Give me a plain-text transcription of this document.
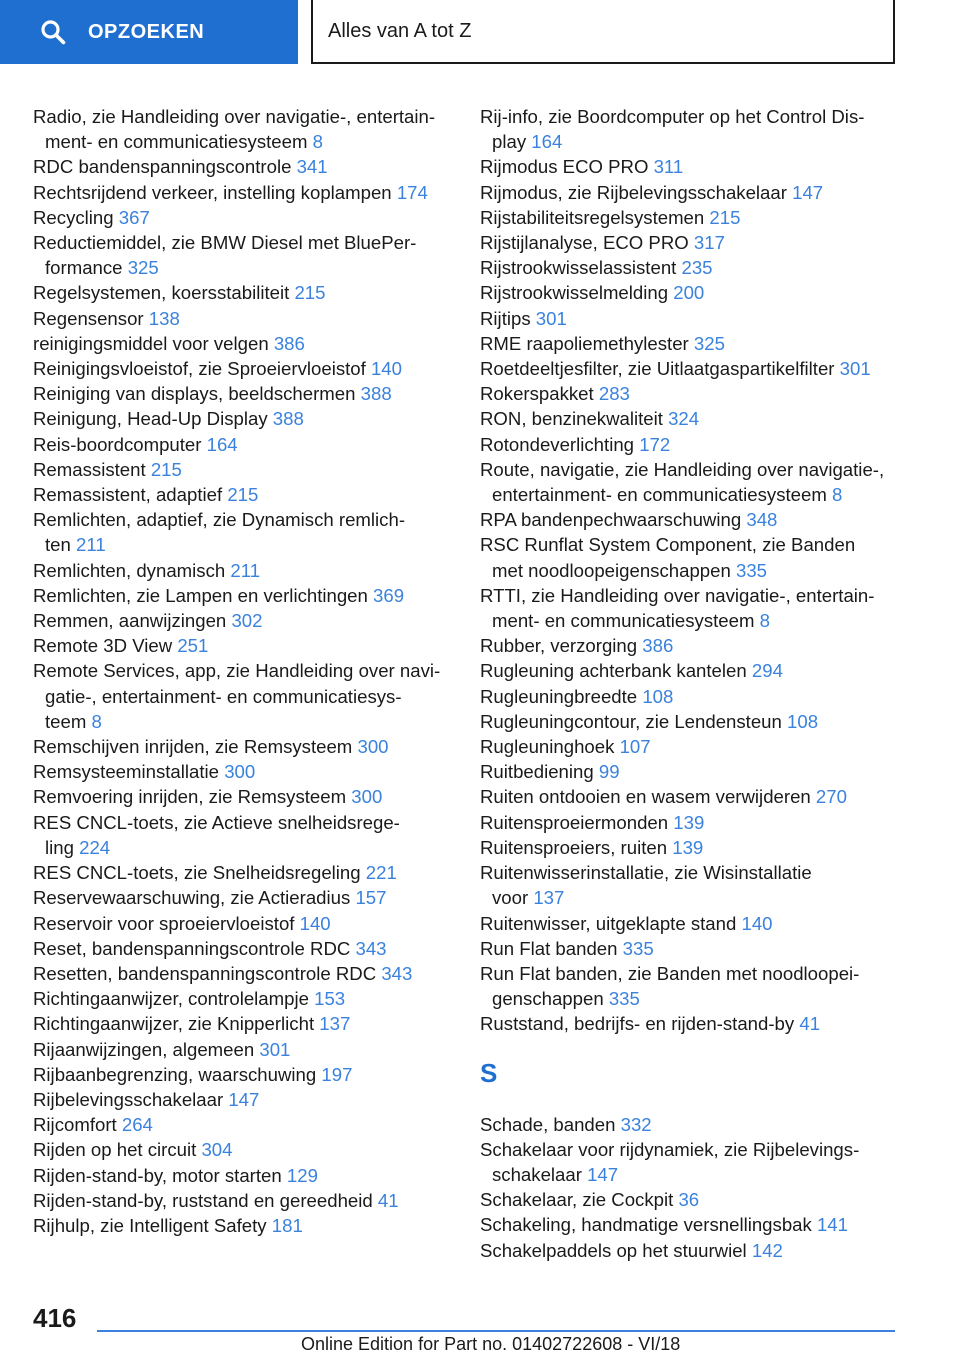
OPZOEKEN	Alles van A tot Z
Radio, zie Handleiding over navigatie-, entertain-
ment- en communicatiesysteem 8
RDC bandenspanningscontrole 341
Rechtsrijdend verkeer, instelling koplampen 174
Recycling 367
Reductiemiddel, zie BMW Diesel met BluePer-
formance 325
Regelsystemen, koersstabiliteit 215
Regensensor 138
reinigingsmiddel voor velgen 386
Reinigingsvloeistof, zie Sproeiervloeistof 140
Reiniging van displays, beeldschermen 388
Reinigung, Head-Up Display 388
Reis-boordcomputer 164
Remassistent 215
Remassistent, adaptief 215
Remlichten, adaptief, zie Dynamisch remlich-
ten 211
Remlichten, dynamisch 211
Remlichten, zie Lampen en verlichtingen 369
Remmen, aanwijzingen 302
Remote 3D View 251
Remote Services, app, zie Handleiding over navi-
gatie-, entertainment- en communicatiesys-
teem 8
Remschijven inrijden, zie Remsysteem 300
Remsysteeminstallatie 300
Remvoering inrijden, zie Remsysteem 300
RES CNCL-toets, zie Actieve snelheidsrege-
ling 224
RES CNCL-toets, zie Snelheidsregeling 221
Reservewaarschuwing, zie Actieradius 157
Reservoir voor sproeiervloeistof 140
Reset, bandenspanningscontrole RDC 343
Resetten, bandenspanningscontrole RDC 343
Richtingaanwijzer, controlelampje 153
Richtingaanwijzer, zie Knipperlicht 137
Rijaanwijzingen, algemeen 301
Rijbaanbegrenzing, waarschuwing 197
Rijbelevingsschakelaar 147
Rijcomfort 264
Rijden op het circuit 304
Rijden-stand-by, motor starten 129
Rijden-stand-by, ruststand en gereedheid 41
Rijhulp, zie Intelligent Safety 181
Rij-info, zie Boordcomputer op het Control Dis-
play 164
Rijmodus ECO PRO 311
Rijmodus, zie Rijbelevingsschakelaar 147
Rijstabiliteitsregelsystemen 215
Rijstijlanalyse, ECO PRO 317
Rijstrookwisselassistent 235
Rijstrookwisselmelding 200
Rijtips 301
RME raapoliemethylester 325
Roetdeeltjesfilter, zie Uitlaatgaspartikelfilter 301
Rokerspakket 283
RON, benzinekwaliteit 324
Rotondeverlichting 172
Route, navigatie, zie Handleiding over navigatie-,
entertainment- en communicatiesysteem 8
RPA bandenpechwaarschuwing 348
RSC Runflat System Component, zie Banden
met noodloopeigenschappen 335
RTTI, zie Handleiding over navigatie-, entertain-
ment- en communicatiesysteem 8
Rubber, verzorging 386
Rugleuning achterbank kantelen 294
Rugleuningbreedte 108
Rugleuningcontour, zie Lendensteun 108
Rugleuninghoek 107
Ruitbediening 99
Ruiten ontdooien en wasem verwijderen 270
Ruitensproeiermonden 139
Ruitensproeiers, ruiten 139
Ruitenwisserinstallatie, zie Wisinstallatie
voor 137
Ruitenwisser, uitgeklapte stand 140
Run Flat banden 335
Run Flat banden, zie Banden met noodloopei-
genschappen 335
Ruststand, bedrijfs- en rijden-stand-by 41
S
Schade, banden 332
Schakelaar voor rijdynamiek, zie Rijbelevings-
schakelaar 147
Schakelaar, zie Cockpit 36
Schakeling, handmatige versnellingsbak 141
Schakelpaddels op het stuurwiel 142
416
Online Edition for Part no. 01402722608 - VI/18
